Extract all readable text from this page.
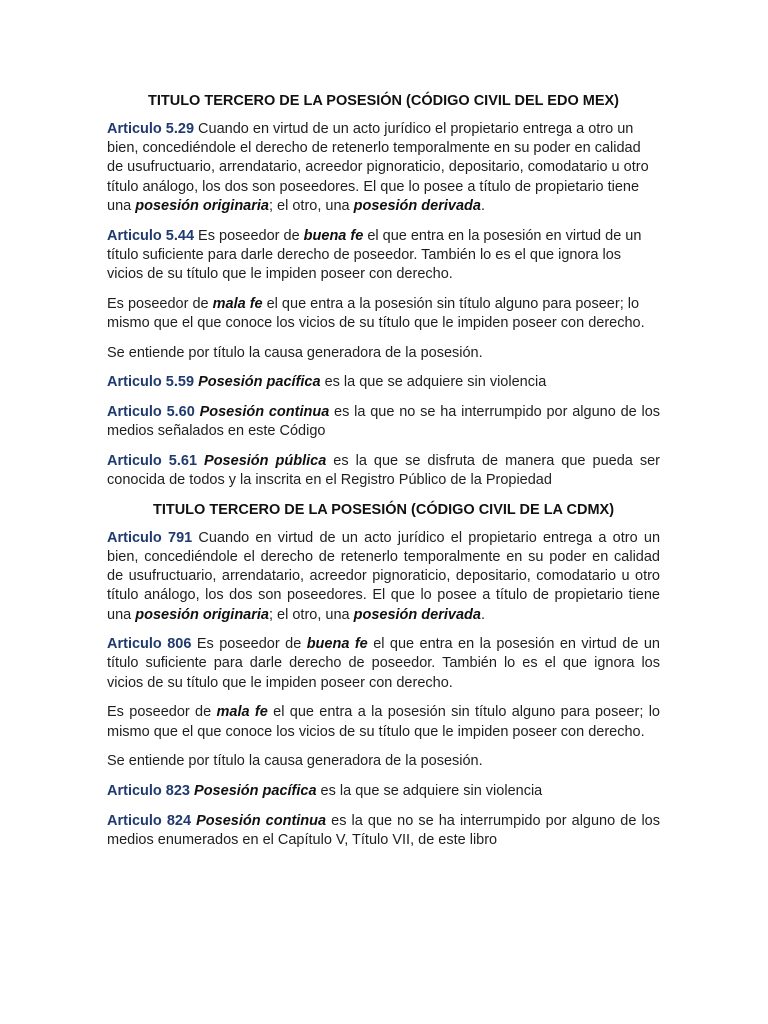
TITULO TERCERO DE LA POSESIÓN (CÓDIGO CIVIL DEL EDO MEX)

Articulo 5.29 Cuando en virtud de un acto jurídico el propietario entrega a otro un bien, concediéndole el derecho de retenerlo temporalmente en su poder en calidad de usufructuario, arrendatario, acreedor pignoraticio, depositario, comodatario u otro título análogo, los dos son poseedores. El que lo posee a título de propietario tiene una posesión originaria; el otro, una posesión derivada.

Articulo 5.44 Es poseedor de buena fe el que entra en la posesión en virtud de un título suficiente para darle derecho de poseedor. También lo es el que ignora los vicios de su título que le impiden poseer con derecho.

Es poseedor de mala fe el que entra a la posesión sin título alguno para poseer; lo mismo que el que conoce los vicios de su título que le impiden poseer con derecho.

Se entiende por título la causa generadora de la posesión.

Articulo 5.59 Posesión pacífica es la que se adquiere sin violencia

Articulo 5.60 Posesión continua es la que no se ha interrumpido por alguno de los medios señalados en este Código

Articulo 5.61 Posesión pública es la que se disfruta de manera que pueda ser conocida de todos y la inscrita en el Registro Público de la Propiedad

TITULO TERCERO DE LA POSESIÓN (CÓDIGO CIVIL DE LA CDMX)

Articulo 791 Cuando en virtud de un acto jurídico el propietario entrega a otro un bien, concediéndole el derecho de retenerlo temporalmente en su poder en calidad de usufructuario, arrendatario, acreedor pignoraticio, depositario, comodatario u otro título análogo, los dos son poseedores. El que lo posee a título de propietario tiene una posesión originaria; el otro, una posesión derivada.

Articulo 806 Es poseedor de buena fe el que entra en la posesión en virtud de un título suficiente para darle derecho de poseedor. También lo es el que ignora los vicios de su título que le impiden poseer con derecho.

Es poseedor de mala fe el que entra a la posesión sin título alguno para poseer; lo mismo que el que conoce los vicios de su título que le impiden poseer con derecho.

Se entiende por título la causa generadora de la posesión.

Articulo 823 Posesión pacífica es la que se adquiere sin violencia

Articulo 824 Posesión continua es la que no se ha interrumpido por alguno de los medios enumerados en el Capítulo V, Título VII, de este libro
